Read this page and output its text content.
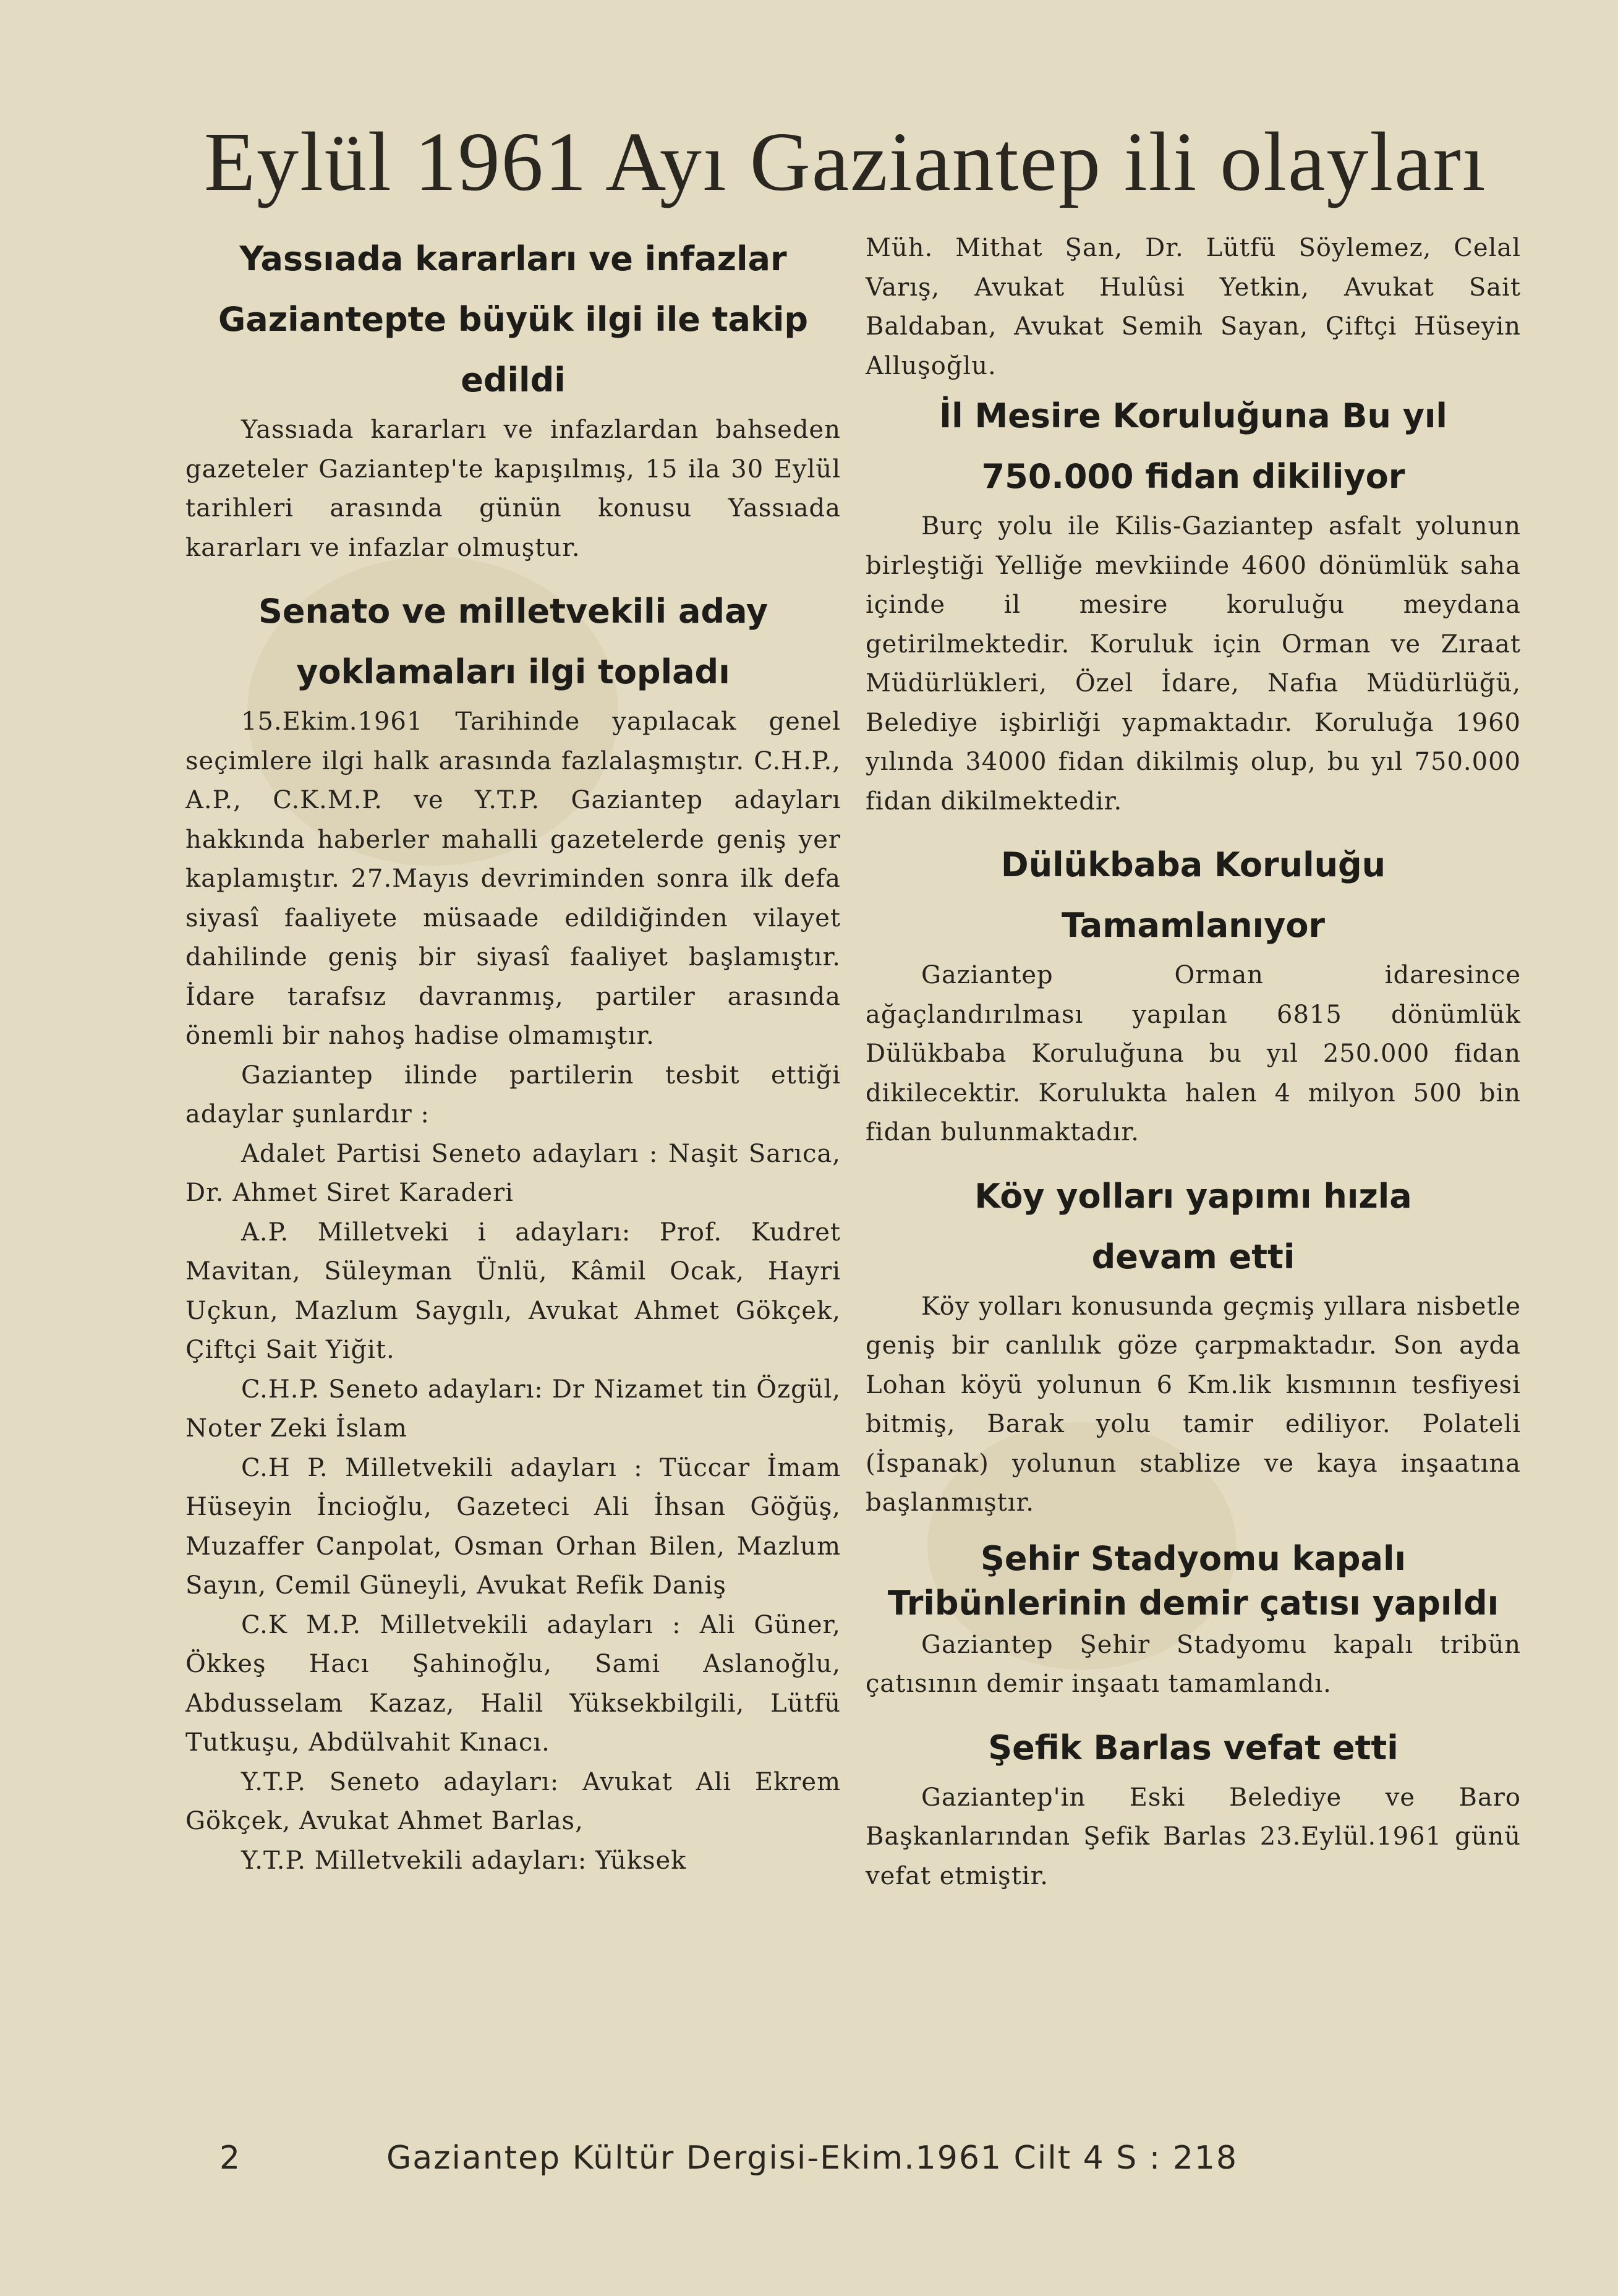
Eylül 1961 Ayı Gaziantep ili olayları
Yassıada kararları ve infazlar Gaziantepte büyük ilgi ile takip edildi

Yassıada kararları ve infazlardan bahseden gazeteler Gaziantep'te kapışılmış, 15 ila 30 Eylül tarihleri arasında günün konusu Yassıada kararları ve infazlar olmuştur.

Senato ve milletvekili aday yoklamaları ilgi topladı

15.Ekim.1961 Tarihinde yapılacak genel seçimlere ilgi halk arasında fazlalaşmıştır. C.H.P., A.P., C.K.M.P. ve Y.T.P. Gaziantep adayları hakkında haberler mahalli gazetelerde geniş yer kaplamıştır. 27.Mayıs devriminden sonra ilk defa siyasî faaliyete müsaade edildiğinden vilayet dahilinde geniş bir siyasî faaliyet başlamıştır. İdare tarafsız davranmış, partiler arasında önemli bir nahoş hadise olmamıştır.

Gaziantep ilinde partilerin tesbit ettiği adaylar şunlardır :

Adalet Partisi Seneto adayları : Naşit Sarıca, Dr. Ahmet Siret Karaderi

A.P. Milletveki i adayları: Prof. Kudret Mavitan, Süleyman Ünlü, Kâmil Ocak, Hayri Uçkun, Mazlum Saygılı, Avukat Ahmet Gökçek, Çiftçi Sait Yiğit.

C.H.P. Seneto adayları: Dr Nizamet tin Özgül, Noter Zeki İslam

C.H P. Milletvekili adayları : Tüccar İmam Hüseyin İncioğlu, Gazeteci Ali İhsan Göğüş, Muzaffer Canpolat, Osman Orhan Bilen, Mazlum Sayın, Cemil Güneyli, Avukat Refik Daniş

C.K M.P. Milletvekili adayları : Ali Güner, Ökkeş Hacı Şahinoğlu, Sami Aslanoğlu, Abdusselam Kazaz, Halil Yüksekbilgili, Lütfü Tutkuşu, Abdülvahit Kınacı.

Y.T.P. Seneto adayları: Avukat Ali Ekrem Gökçek, Avukat Ahmet Barlas,

Y.T.P. Milletvekili adayları: Yüksek

Müh. Mithat Şan, Dr. Lütfü Söylemez, Celal Varış, Avukat Hulûsi Yetkin, Avukat Sait Baldaban, Avukat Semih Sayan, Çiftçi Hüseyin Alluşoğlu.

İl Mesire Koruluğuna Bu yıl 750.000 fidan dikiliyor

Burç yolu ile Kilis-Gaziantep asfalt yolunun birleştiği Yelliğe mevkiinde 4600 dönümlük saha içinde il mesire koruluğu meydana getirilmektedir. Koruluk için Orman ve Zıraat Müdürlükleri, Özel İdare, Nafıa Müdürlüğü, Belediye işbirliği yapmaktadır. Koruluğa 1960 yılında 34000 fidan dikilmiş olup, bu yıl 750.000 fidan dikilmektedir.

Dülükbaba Koruluğu Tamamlanıyor

Gaziantep Orman idaresince ağaçlandırılması yapılan 6815 dönümlük Dülükbaba Koruluğuna bu yıl 250.000 fidan dikilecektir. Korulukta halen 4 milyon 500 bin fidan bulunmaktadır.

Köy yolları yapımı hızla devam etti

Köy yolları konusunda geçmiş yıllara nisbetle geniş bir canlılık göze çarpmaktadır. Son ayda Lohan köyü yolunun 6 Km.lik kısmının tesfiyesi bitmiş, Barak yolu tamir ediliyor. Polateli (İspanak) yolunun stablize ve kaya inşaatına başlanmıştır.

Şehir Stadyomu kapalı Tribünlerinin demir çatısı yapıldı

Gaziantep Şehir Stadyomu kapalı tribün çatısının demir inşaatı tamamlandı.

Şefik Barlas vefat etti

Gaziantep'in Eski Belediye ve Baro Başkanlarından Şefik Barlas 23.Eylül.1961 günü vefat etmiştir.

2	Gaziantep Kültür Dergisi-Ekim.1961 Cilt 4 S : 218
